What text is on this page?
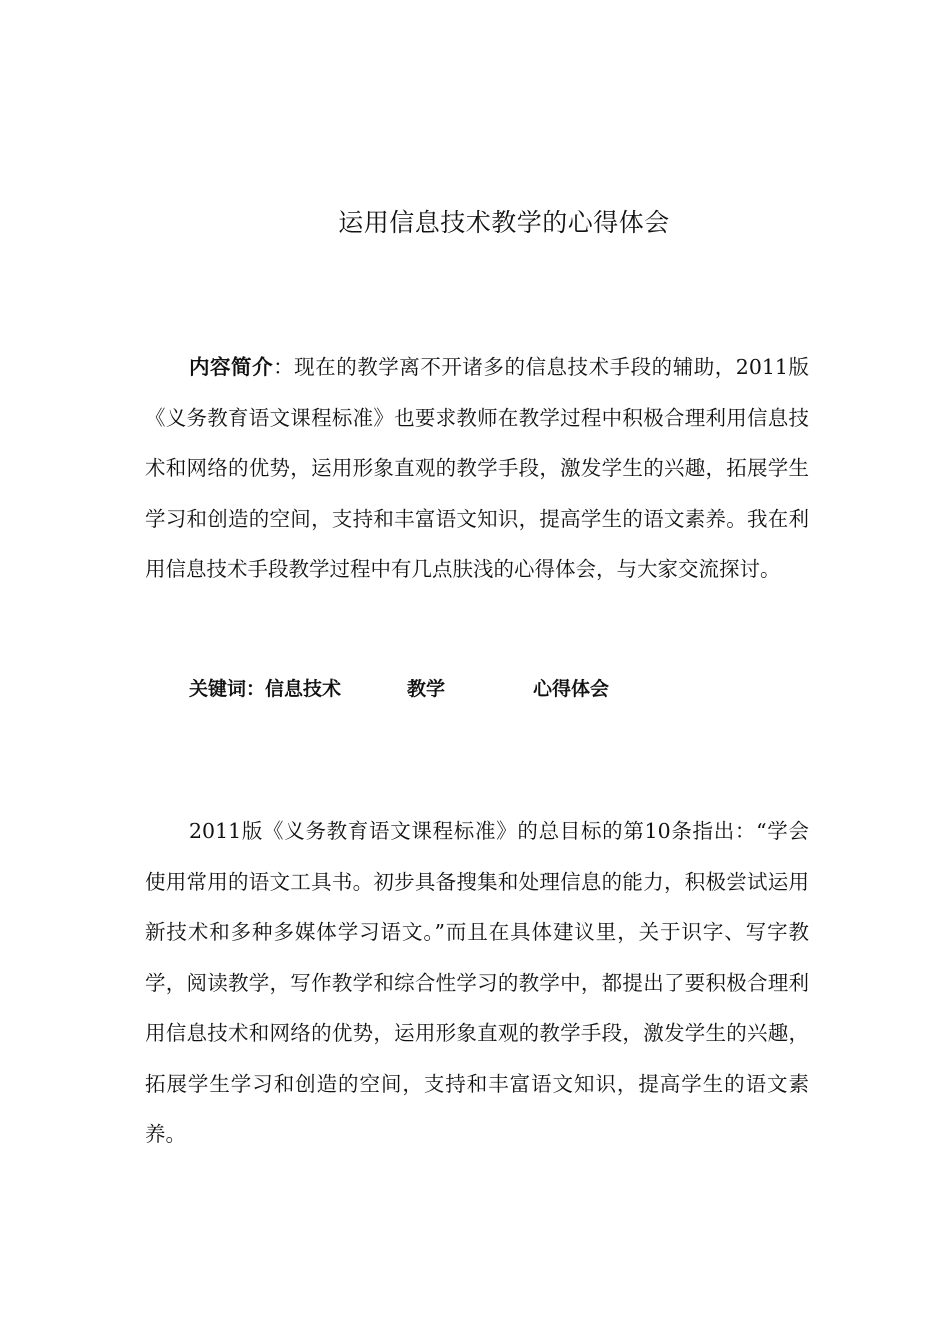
运用信息技术教学的心得体会

内容简介：现在的教学离不开诸多的信息技术手段的辅助，2011版《义务教育语文课程标准》也要求教师在教学过程中积极合理利用信息技术和网络的优势，运用形象直观的教学手段，激发学生的兴趣，拓展学生学习和创造的空间，支持和丰富语文知识，提高学生的语文素养。我在利用信息技术手段教学过程中有几点肤浅的心得体会，与大家交流探讨。

关键词：信息技术	教学	心得体会

2011版《义务教育语文课程标准》的总目标的第10条指出：“学会使用常用的语文工具书。初步具备搜集和处理信息的能力，积极尝试运用新技术和多种多媒体学习语文。”而且在具体建议里，关于识字、写字教学，阅读教学，写作教学和综合性学习的教学中，都提出了要积极合理利用信息技术和网络的优势，运用形象直观的教学手段，激发学生的兴趣，拓展学生学习和创造的空间，支持和丰富语文知识，提高学生的语文素养。
